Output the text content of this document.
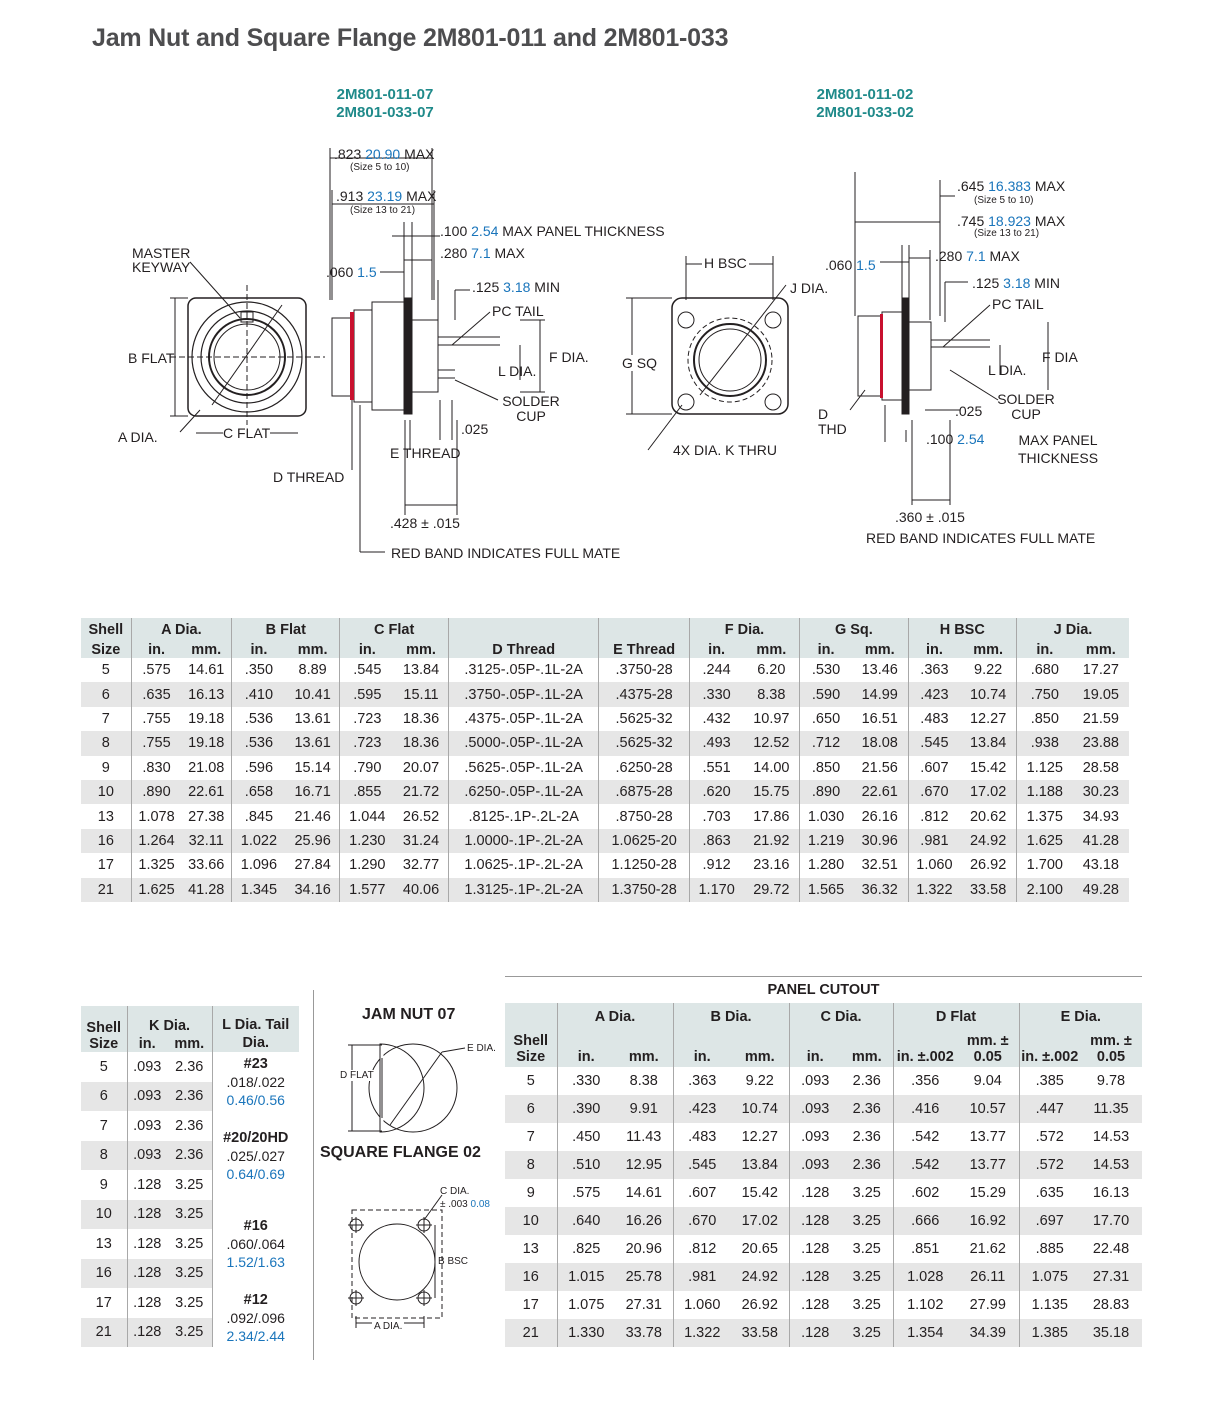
Jam Nut and Square Flange 2M801-011 and 2M801-033
2M801-011-07
2M801-033-07
2M801-011-02
2M801-033-02
.823 20.90 MAX
(Size 5 to 10)
.913 23.19 MAX
(Size 13 to 21)
.100 2.54 MAX PANEL THICKNESS
.280 7.1 MAX
.060 1.5
.125 3.18 MIN
MASTER KEYWAY
B FLAT
A DIA.	C FLAT
PC TAIL
L DIA.
F DIA.
SOLDER CUP
.025
E THREAD
D THREAD
.428 ± .015
RED BAND INDICATES FULL MATE
H BSC
J DIA.
G SQ
4X DIA. K THRU
.645 16.383 MAX
(Size 5 to 10)
.745 18.923 MAX
(Size 13 to 21)
.060 1.5
.280 7.1 MAX
.125 3.18 MIN
PC TAIL
F DIA
L DIA.
SOLDER CUP
.025
D THD
.100 2.54	MAX PANEL THICKNESS
.360 ± .015
RED BAND INDICATES FULL MATE
Shell	A Dia.		B Flat		C Flat				F Dia.		G Sq.		H BSC		J Dia.	
Size	in.	mm.	in.	mm.	in.	mm.	D Thread	E Thread	in.	mm.	in.	mm.	in.	mm.	in.	mm.
5	.575	14.61	.350	8.89	.545	13.84	.3125-.05P-.1L-2A	.3750-28	.244	6.20	.530	13.46	.363	9.22	.680	17.27
6	.635	16.13	.410	10.41	.595	15.11	.3750-.05P-.1L-2A	.4375-28	.330	8.38	.590	14.99	.423	10.74	.750	19.05
7	.755	19.18	.536	13.61	.723	18.36	.4375-.05P-.1L-2A	.5625-32	.432	10.97	.650	16.51	.483	12.27	.850	21.59
8	.755	19.18	.536	13.61	.723	18.36	.5000-.05P-.1L-2A	.5625-32	.493	12.52	.712	18.08	.545	13.84	.938	23.88
9	.830	21.08	.596	15.14	.790	20.07	.5625-.05P-.1L-2A	.6250-28	.551	14.00	.850	21.56	.607	15.42	1.125	28.58
10	.890	22.61	.658	16.71	.855	21.72	.6250-.05P-.1L-2A	.6875-28	.620	15.75	.890	22.61	.670	17.02	1.188	30.23
13	1.078	27.38	.845	21.46	1.044	26.52	.8125-.1P-.2L-2A	.8750-28	.703	17.86	1.030	26.16	.812	20.62	1.375	34.93
16	1.264	32.11	1.022	25.96	1.230	31.24	1.0000-.1P-.2L-2A	1.0625-20	.863	21.92	1.219	30.96	.981	24.92	1.625	41.28
17	1.325	33.66	1.096	27.84	1.290	32.77	1.0625-.1P-.2L-2A	1.1250-28	.912	23.16	1.280	32.51	1.060	26.92	1.700	43.18
21	1.625	41.28	1.345	34.16	1.577	40.06	1.3125-.1P-.2L-2A	1.3750-28	1.170	29.72	1.565	36.32	1.322	33.58	2.100	49.28
Shell	K Dia.		L Dia. Tail Dia.
Size	in.	mm.	
5	.093	2.36	#23
.018/.022
0.46/0.56
6	.093	2.36	
7	.093	2.36	#20/20HD
.025/.027
0.64/0.69
8	.093	2.36	
9	.128	3.25	
10	.128	3.25	#16
.060/.064
1.52/1.63
13	.128	3.25	
16	.128	3.25	
17	.128	3.25	#12
.092/.096
2.34/2.44
21	.128	3.25	
JAM NUT 07
E DIA.
D FLAT
SQUARE FLANGE 02
C DIA.
± .003 0.08
B BSC
A DIA.
PANEL CUTOUT										
	A Dia.		B Dia.		C Dia.		D Flat		E Dia.	
Shell
Size	in.	mm.	in.	mm.	in.	mm.	in. ±.002	mm. ± 0.05	in. ±.002	mm. ± 0.05
5	.330	8.38	.363	9.22	.093	2.36	.356	9.04	.385	9.78
6	.390	9.91	.423	10.74	.093	2.36	.416	10.57	.447	11.35
7	.450	11.43	.483	12.27	.093	2.36	.542	13.77	.572	14.53
8	.510	12.95	.545	13.84	.093	2.36	.542	13.77	.572	14.53
9	.575	14.61	.607	15.42	.128	3.25	.602	15.29	.635	16.13
10	.640	16.26	.670	17.02	.128	3.25	.666	16.92	.697	17.70
13	.825	20.96	.812	20.65	.128	3.25	.851	21.62	.885	22.48
16	1.015	25.78	.981	24.92	.128	3.25	1.028	26.11	1.075	27.31
17	1.075	27.31	1.060	26.92	.128	3.25	1.102	27.99	1.135	28.83
21	1.330	33.78	1.322	33.58	.128	3.25	1.354	34.39	1.385	35.18
